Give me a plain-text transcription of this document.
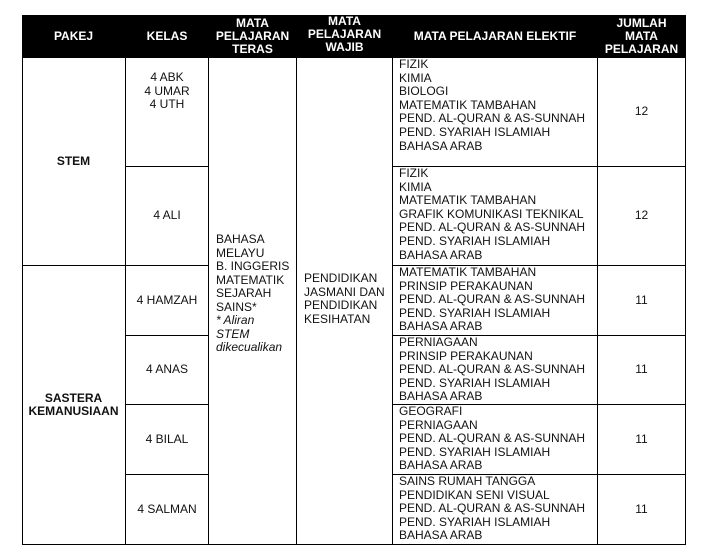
PAKEJ	KELAS
MATA
PELAJARAN
TERAS
MATA
PELAJARAN
WAJIB
MATA PELAJARAN ELEKTIF
JUMLAH
MATA
PELAJARAN
STEM
SASTERA
KEMANUSIAAN
BAHASA
MELAYU
B. INGGERIS
MATEMATIK
SEJARAH
SAINS*
* Aliran
STEM
dikecualikan
PENDIDIKAN
JASMANI DAN
PENDIDIKAN
KESIHATAN
4 ABK
4 UMAR
4 UTH
FIZIK
KIMIA
BIOLOGI
MATEMATIK TAMBAHAN
PEND. AL-QURAN & AS-SUNNAH
PEND. SYARIAH ISLAMIAH
BAHASA ARAB
12
4 ALI
FIZIK
KIMIA
MATEMATIK TAMBAHAN
GRAFIK KOMUNIKASI TEKNIKAL
PEND. AL-QURAN & AS-SUNNAH
PEND. SYARIAH ISLAMIAH
BAHASA ARAB
12
4 HAMZAH
MATEMATIK TAMBAHAN
PRINSIP PERAKAUNAN
PEND. AL-QURAN & AS-SUNNAH
PEND. SYARIAH ISLAMIAH
BAHASA ARAB
11
4 ANAS
PERNIAGAAN
PRINSIP PERAKAUNAN
PEND. AL-QURAN & AS-SUNNAH
PEND. SYARIAH ISLAMIAH
BAHASA ARAB
11
4 BILAL
GEOGRAFI
PERNIAGAAN
PEND. AL-QURAN & AS-SUNNAH
PEND. SYARIAH ISLAMIAH
BAHASA ARAB
11
4 SALMAN
SAINS RUMAH TANGGA
PENDIDIKAN SENI VISUAL
PEND. AL-QURAN & AS-SUNNAH
PEND. SYARIAH ISLAMIAH
BAHASA ARAB
11
